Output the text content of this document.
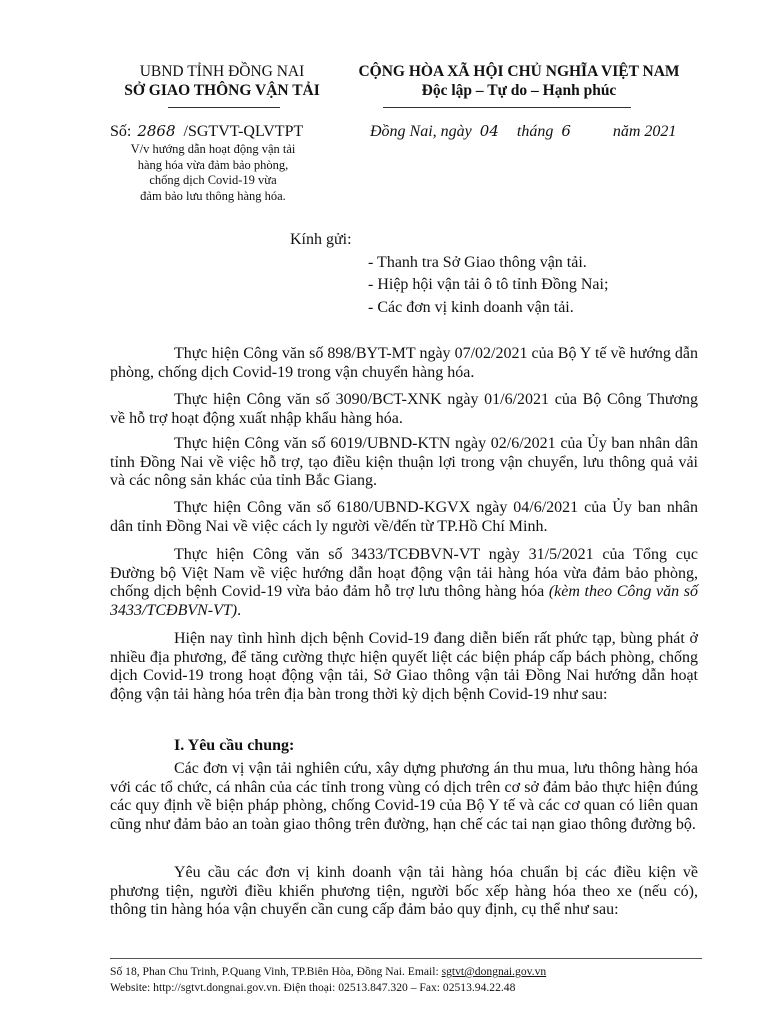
UBND TỈNH ĐỒNG NAI
SỞ GIAO THÔNG VẬN TẢI
CỘNG HÒA XÃ HỘI CHỦ NGHĨA VIỆT NAM
Độc lập – Tự do – Hạnh phúc
Số: 2868 /SGTVT-QLVTPT	Đồng Nai, ngày 04 tháng 6	năm 2021
V/v hướng dẫn hoạt động vận tải
hàng hóa vừa đảm bảo phòng,
chống dịch Covid-19 vừa
đảm bảo lưu thông hàng hóa.
Kính gửi:
- Thanh tra Sở Giao thông vận tải.
- Hiệp hội vận tải ô tô tỉnh Đồng Nai;
- Các đơn vị kinh doanh vận tải.
Thực hiện Công văn số 898/BYT-MT ngày 07/02/2021 của Bộ Y tế về hướng dẫn phòng, chống dịch Covid-19 trong vận chuyển hàng hóa.
Thực hiện Công văn số 3090/BCT-XNK ngày 01/6/2021 của Bộ Công Thương về hỗ trợ hoạt động xuất nhập khẩu hàng hóa.
Thực hiện Công văn số 6019/UBND-KTN ngày 02/6/2021 của Ủy ban nhân dân tỉnh Đồng Nai về việc hỗ trợ, tạo điều kiện thuận lợi trong vận chuyển, lưu thông quả vải và các nông sản khác của tỉnh Bắc Giang.
Thực hiện Công văn số 6180/UBND-KGVX ngày 04/6/2021 của Ủy ban nhân dân tỉnh Đồng Nai về việc cách ly người về/đến từ TP.Hồ Chí Minh.
Thực hiện Công văn số 3433/TCĐBVN-VT ngày 31/5/2021 của Tổng cục Đường bộ Việt Nam về việc hướng dẫn hoạt động vận tải hàng hóa vừa đảm bảo phòng, chống dịch bệnh Covid-19 vừa bảo đảm hỗ trợ lưu thông hàng hóa (kèm theo Công văn số 3433/TCĐBVN-VT).
Hiện nay tình hình dịch bệnh Covid-19 đang diễn biến rất phức tạp, bùng phát ở nhiều địa phương, để tăng cường thực hiện quyết liệt các biện pháp cấp bách phòng, chống dịch Covid-19 trong hoạt động vận tải, Sở Giao thông vận tải Đồng Nai hướng dẫn hoạt động vận tải hàng hóa trên địa bàn trong thời kỳ dịch bệnh Covid-19 như sau:
I. Yêu cầu chung:
Các đơn vị vận tải nghiên cứu, xây dựng phương án thu mua, lưu thông hàng hóa với các tổ chức, cá nhân của các tỉnh trong vùng có dịch trên cơ sở đảm bảo thực hiện đúng các quy định về biện pháp phòng, chống Covid-19 của Bộ Y tế và các cơ quan có liên quan cũng như đảm bảo an toàn giao thông trên đường, hạn chế các tai nạn giao thông đường bộ.
Yêu cầu các đơn vị kinh doanh vận tải hàng hóa chuẩn bị các điều kiện về phương tiện, người điều khiển phương tiện, người bốc xếp hàng hóa theo xe (nếu có), thông tin hàng hóa vận chuyển cần cung cấp đảm bảo quy định, cụ thể như sau:
Số 18, Phan Chu Trinh, P.Quang Vinh, TP.Biên Hòa, Đồng Nai. Email: sgtvt@dongnai.gov.vn
Website: http://sgtvt.dongnai.gov.vn. Điện thoại: 02513.847.320 – Fax: 02513.94.22.48
